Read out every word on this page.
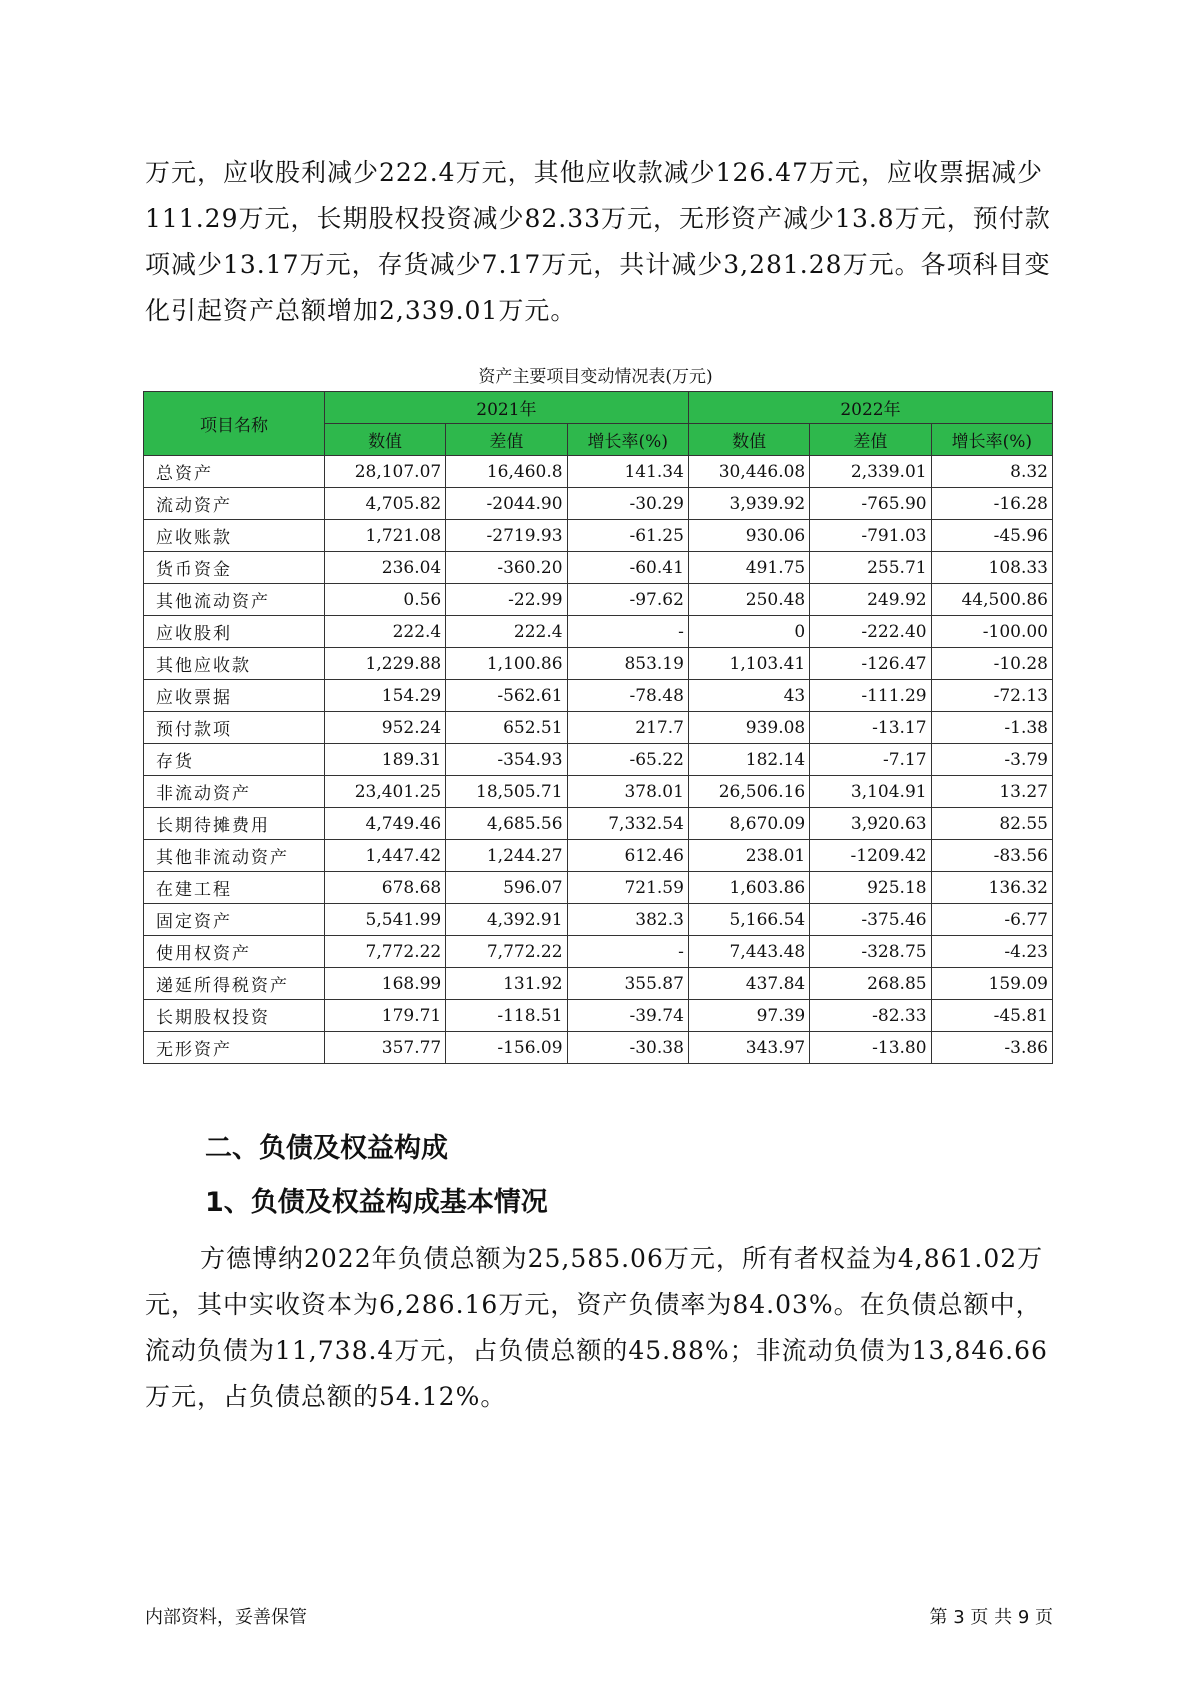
万元，应收股利减少222.4万元，其他应收款减少126.47万元，应收票据减少111.29万元，长期股权投资减少82.33万元，无形资产减少13.8万元，预付款项减少13.17万元，存货减少7.17万元，共计减少3,281.28万元。各项科目变化引起资产总额增加2,339.01万元。

资产主要项目变动情况表(万元)
项目名称	2021年			2022年		
	数值	差值	增长率(%)	数值	差值	增长率(%)
总资产	28,107.07	16,460.8	141.34	30,446.08	2,339.01	8.32
流动资产	4,705.82	-2044.90	-30.29	3,939.92	-765.90	-16.28
应收账款	1,721.08	-2719.93	-61.25	930.06	-791.03	-45.96
货币资金	236.04	-360.20	-60.41	491.75	255.71	108.33
其他流动资产	0.56	-22.99	-97.62	250.48	249.92	44,500.86
应收股利	222.4	222.4	-	0	-222.40	-100.00
其他应收款	1,229.88	1,100.86	853.19	1,103.41	-126.47	-10.28
应收票据	154.29	-562.61	-78.48	43	-111.29	-72.13
预付款项	952.24	652.51	217.7	939.08	-13.17	-1.38
存货	189.31	-354.93	-65.22	182.14	-7.17	-3.79
非流动资产	23,401.25	18,505.71	378.01	26,506.16	3,104.91	13.27
长期待摊费用	4,749.46	4,685.56	7,332.54	8,670.09	3,920.63	82.55
其他非流动资产	1,447.42	1,244.27	612.46	238.01	-1209.42	-83.56
在建工程	678.68	596.07	721.59	1,603.86	925.18	136.32
固定资产	5,541.99	4,392.91	382.3	5,166.54	-375.46	-6.77
使用权资产	7,772.22	7,772.22	-	7,443.48	-328.75	-4.23
递延所得税资产	168.99	131.92	355.87	437.84	268.85	159.09
长期股权投资	179.71	-118.51	-39.74	97.39	-82.33	-45.81
无形资产	357.77	-156.09	-30.38	343.97	-13.80	-3.86
二、负债及权益构成
1、负债及权益构成基本情况

方德博纳2022年负债总额为25,585.06万元，所有者权益为4,861.02万元，其中实收资本为6,286.16万元，资产负债率为84.03%。在负债总额中，流动负债为11,738.4万元，占负债总额的45.88%；非流动负债为13,846.66万元，占负债总额的54.12%。

内部资料，妥善保管	第 3 页 共 9 页
